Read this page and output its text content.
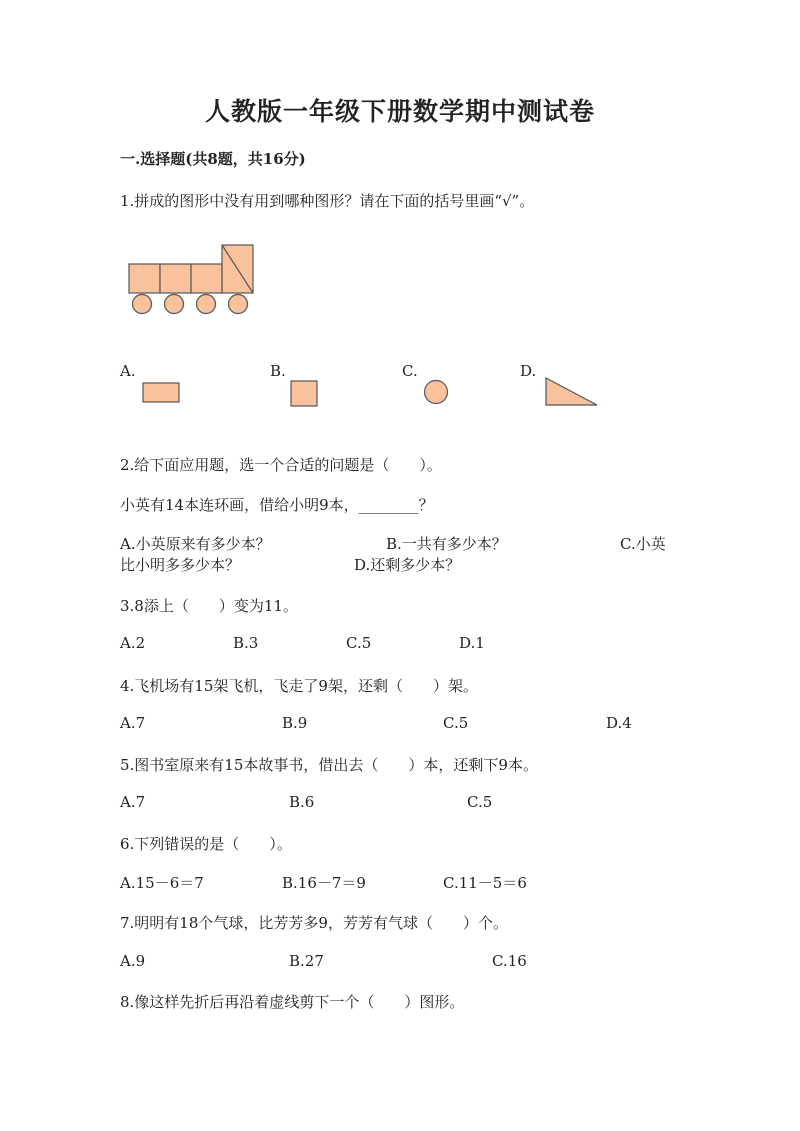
人教版一年级下册数学期中测试卷
一.选择题(共8题，共16分)
1.拼成的图形中没有用到哪种图形？请在下面的括号里画“√”。
A.	B.	C.	D.
2.给下面应用题，选一个合适的问题是（　　）。
小英有14本连环画，借给小明9本，________？
A.小英原来有多少本？	B.一共有多少本？	C.小英
比小明多多少本？	D.还剩多少本？
3.8添上（　　）变为11。
A.2	B.3	C.5	D.1
4.飞机场有15架飞机，飞走了9架，还剩（　　）架。
A.7	B.9	C.5	D.4
5.图书室原来有15本故事书，借出去（　　）本，还剩下9本。
A.7	B.6	C.5
6.下列错误的是（　　）。
A.15－6＝7	B.16－7＝9	C.11－5＝6
7.明明有18个气球，比芳芳多9，芳芳有气球（　　）个。
A.9	B.27	C.16
8.像这样先折后再沿着虚线剪下一个（　　）图形。
